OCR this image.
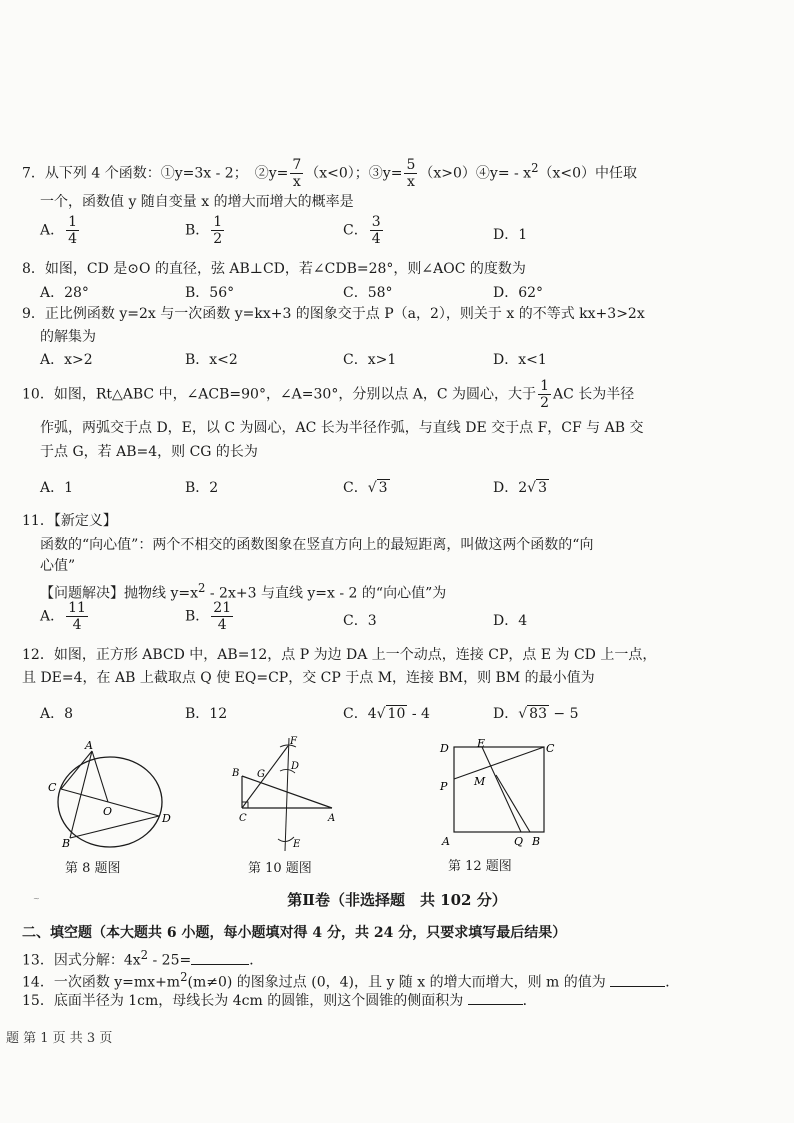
7．从下列 4 个函数：①y=3x - 2；　②y= $\frac{7}{x} (x<0)$；③y= $\frac{5}{x}$ （x>0）④y= - $x^2(x<0)$中任取
一个，函数值 y 随自变量 x 的增大而增大的概率是
A． $\frac{1}{4}$	B． $\frac{1}{2}$	C． $\frac{3}{4}$	D．1
8．如图，CD 是⊙O 的直径，弦 AB⊥CD，若∠CDB=28°，则∠AOC 的度数为
A．28°	B．56°	C．58°	D．62°
9．正比例函数 y=2x 与一次函数 y=kx+3 的图象交于点 P（a，2），则关于 x 的不等式 kx+3>2x
的解集为
A．x>2	B．x<2	C．x>1	D．x<1
10．如图，Rt△ABC 中，∠ACB=90°，∠A=30°，分别以点 A，C 为圆心，大于 $\frac{1}{2}$ AC 长为半径
作弧，两弧交于点 D，E，以 C 为圆心，AC 长为半径作弧，与直线 DE 交于点 F，CF 与 AB 交
于点 G，若 AB=4，则 CG 的长为
A．1	B．2	C．√ 3	D．2√ 3
11．【新定义】
函数的“向心值”：两个不相交的函数图象在竖直方向上的最短距离，叫做这两个函数的“向
心值”
【问题解决】抛物线 $y=x^2 - 2x+3$ 与直线 y=x - 2 的“向心值”为
A． $\frac{11}{4}$	B． $\frac{21}{4}$	C．3	D．4
12．如图，正方形 ABCD 中，AB=12，点 P 为边 DA 上一个动点，连接 CP，点 E 为 CD 上一点，
且 DE=4，在 AB 上截取点 Q 使 EQ=CP，交 CP 于点 M，连接 BM，则 BM 的最小值为
A．8	B．12	C．4√ 10 - 4	D．√ 83 − 5
A
C
B
D
O
第 8 题图
F
D
B G
C	A
E
第 10 题图
D	E	C
P M
A	Q B
第 12 题图
~	第Ⅱ卷（非选择题　共 102 分）
二、填空题（本大题共 6 小题，每小题填对得 4 分，共 24 分，只要求填写最后结果）
13．因式分解：$4x^2 - 25=$	．
14．一次函数 $y=mx+m^2(m\ne 0)$ 的图象过点 (0，4)，且 y 随 x 的增大而增大，则 m 的值为	．
15．底面半径为 1cm，母线长为 4cm 的圆锥，则这个圆锥的侧面积为	．
题 第 1 页 共 3 页
